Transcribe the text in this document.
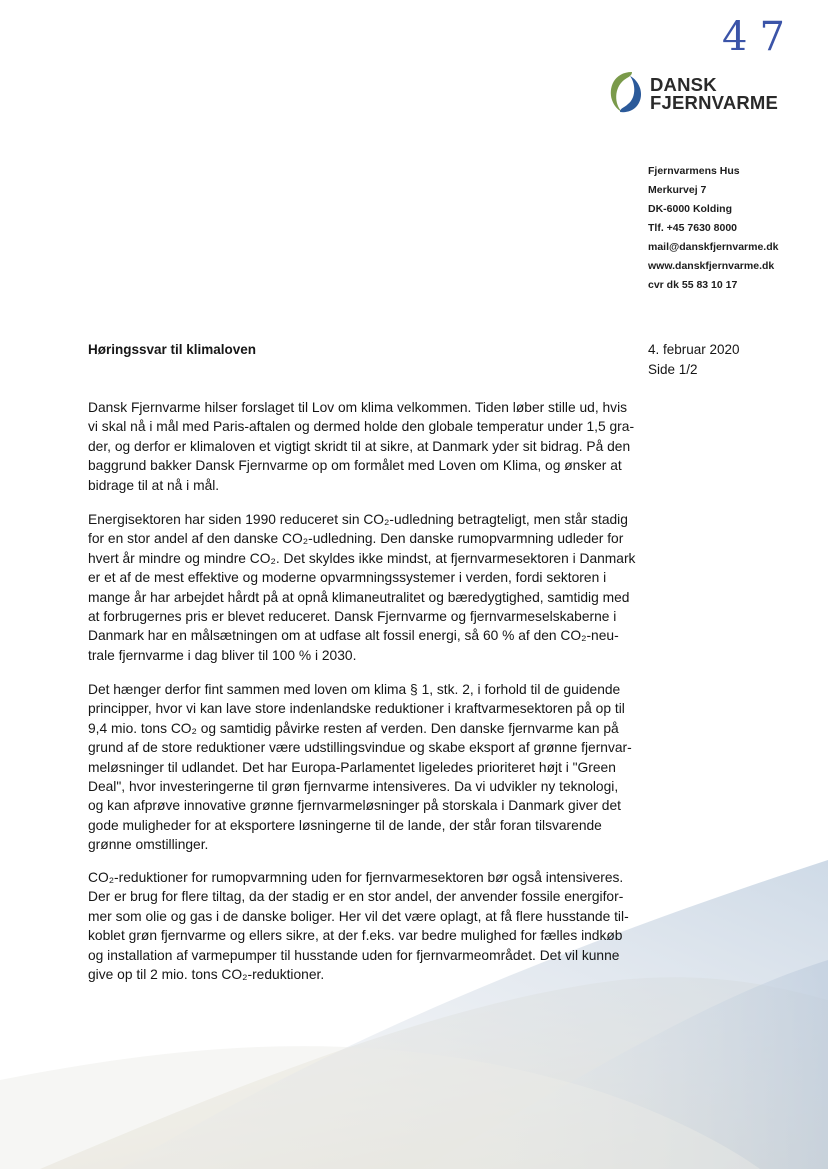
47
DANSK
FJERNVARME
Fjernvarmens Hus
Merkurvej 7
DK-6000 Kolding
Tlf. +45 7630 8000
mail@danskfjernvarme.dk
www.danskfjernvarme.dk
cvr dk 55 83 10 17
Høringssvar til klimaloven	4. februar 2020
Side 1/2
Dansk Fjernvarme hilser forslaget til Lov om klima velkommen. Tiden løber stille ud, hvis
vi skal nå i mål med Paris-aftalen og dermed holde den globale temperatur under 1,5 gra-
der, og derfor er klimaloven et vigtigt skridt til at sikre, at Danmark yder sit bidrag. På den
baggrund bakker Dansk Fjernvarme op om formålet med Loven om Klima, og ønsker at
bidrage til at nå i mål.
Energisektoren har siden 1990 reduceret sin CO₂-udledning betragteligt, men står stadig
for en stor andel af den danske CO₂-udledning. Den danske rumopvarmning udleder for
hvert år mindre og mindre CO₂. Det skyldes ikke mindst, at fjernvarmesektoren i Danmark
er et af de mest effektive og moderne opvarmningssystemer i verden, fordi sektoren i
mange år har arbejdet hårdt på at opnå klimaneutralitet og bæredygtighed, samtidig med
at forbrugernes pris er blevet reduceret. Dansk Fjernvarme og fjernvarmeselskaberne i
Danmark har en målsætningen om at udfase alt fossil energi, så 60 % af den CO₂-neu-
trale fjernvarme i dag bliver til 100 % i 2030.
Det hænger derfor fint sammen med loven om klima § 1, stk. 2, i forhold til de guidende
principper, hvor vi kan lave store indenlandske reduktioner i kraftvarmesektoren på op til
9,4 mio. tons CO₂ og samtidig påvirke resten af verden. Den danske fjernvarme kan på
grund af de store reduktioner være udstillingsvindue og skabe eksport af grønne fjernvar-
meløsninger til udlandet. Det har Europa-Parlamentet ligeledes prioriteret højt i "Green
Deal", hvor investeringerne til grøn fjernvarme intensiveres. Da vi udvikler ny teknologi,
og kan afprøve innovative grønne fjernvarmeløsninger på storskala i Danmark giver det
gode muligheder for at eksportere løsningerne til de lande, der står foran tilsvarende
grønne omstillinger.
CO₂-reduktioner for rumopvarmning uden for fjernvarmesektoren bør også intensiveres.
Der er brug for flere tiltag, da der stadig er en stor andel, der anvender fossile energifor-
mer som olie og gas i de danske boliger. Her vil det være oplagt, at få flere husstande til-
koblet grøn fjernvarme og ellers sikre, at der f.eks. var bedre mulighed for fælles indkøb
og installation af varmepumper til husstande uden for fjernvarmeområdet. Det vil kunne
give op til 2 mio. tons CO₂-reduktioner.
